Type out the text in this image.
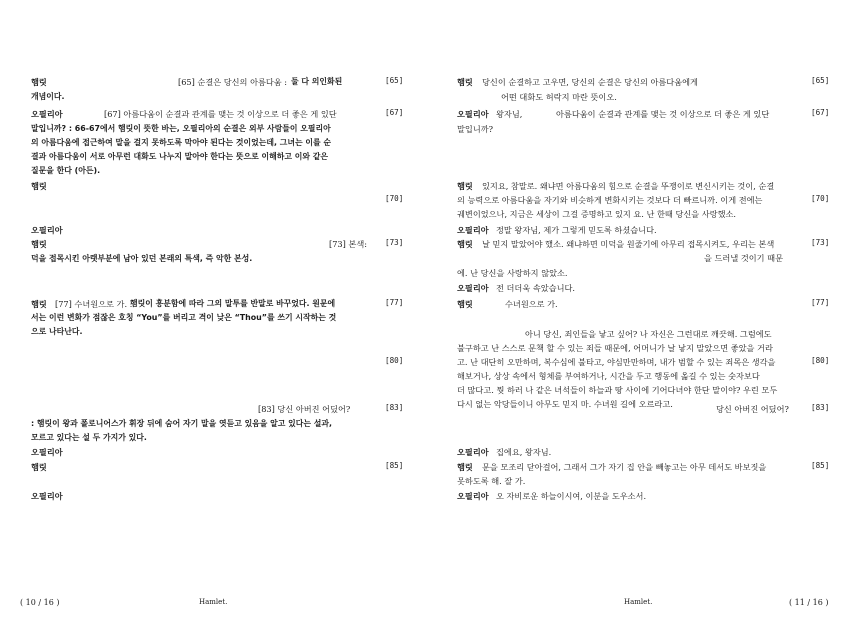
햄릿	[65] 순결은 당신의 아름다움 : 둘 다 의인화된
개념이다.
오필리아	[67] 아름다움이 순결과 관계를 맺는 것 이상으로 더 좋은 게 있단
말입니까? : 66-67에서 햄릿이 뜻한 바는, 오필리아의 순결은 외부 사람들이 오필리아
의 아름다움에 접근하여 말을 걸지 못하도록 막아야 된다는 것이었는데, 그녀는 이를 순
결과 아름다움이 서로 아무런 대화도 나누지 말아야 한다는 뜻으로 이해하고 이와 같은
질문을 한다 (아든).
햄릿
오필리아
햄릿	[73] 본색:
덕을 접목시킨 아랫부분에 남아 있던 본래의 특색, 즉 악한 본성.
햄릿 [77] 수녀원으로 가. :
햄릿이 흥분함에 따라 그의 말투를 반말로 바꾸었다. 원문에
서는 이런 변화가 점잖은 호칭 “You”를 버리고 격이 낮은 “Thou”를 쓰기 시작하는 것
으로 나타난다.
[83] 당신 아버진 어딨어?
: 햄릿이 왕과 폴로니어스가 휘장 뒤에 숨어 자기 말을 엿듣고 있음을 알고 있다는 설과,
모르고 있다는 설 두 가지가 있다.
오필리아
햄릿
오필리아
[65]
[67]
[70]
[73]
[77]
[80]
[83]
[85]
( 10 / 16 )	Hamlet.
햄릿 당신이 순결하고 고우면, 당신의 순결은 당신의 아름다움에게
어떤 대화도 허락지 마란 뜻이오.
오필리아 왕자님,	아름다움이 순결과 관계를 맺는 것 이상으로 더 좋은 게 있단
말입니까?
햄릿 있지요, 참말로. 왜냐면 아름다움의 힘으로 순결을 뚜쟁이로 변신시키는 것이, 순결
의 능력으로 아름다움을 자기와 비슷하게 변화시키는 것보다 더 빠르니까. 이게 전에는
궤변이었으나, 지금은 세상이 그걸 증명하고 있지 요. 난 한때 당신을 사랑했소.
오필리아 정말 왕자님, 제가 그렇게 믿도록 하셨습니다.
햄릿 날 믿지 말았어야 했소. 왜냐하면 미덕을 원줄기에 아무리 접목시켜도, 우리는 본색
을 드러낼 것이기 때문
에. 난 당신을 사랑하지 않았소.
오필리아 전 더더욱 속았습니다.
햄릿	수녀원으로 가.
아니 당신, 죄인들을 낳고 싶어? 나 자신은 그런대로 깨끗해. 그럼에도
불구하고 난 스스로 문책 할 수 있는 죄들 때문에, 어머니가 날 낳지 말았으면 좋았을 거라
고. 난 대단히 오만하며, 복수심에 불타고, 야심만만하며, 내가 범할 수 있는 죄목은 생각을
해보거나, 상상 속에서 형체를 부여하거나, 시간을 두고 행동에 옮길 수 있는 숫자보다
더 많다고. 뭣 하러 나 같은 녀석들이 하늘과 땅 사이에 기어다녀야 한단 말이야? 우린 모두
다시 없는 악당들이니 아무도 믿지 마. 수녀원 길에 오르라고.	당신 아버진 어딨어?
오필리아 집에요, 왕자님.
햄릿 문을 모조리 닫아걸어, 그래서 그가 자기 집 안을 빼놓고는 아무 데서도 바보짓을
못하도록 해. 잘 가.
오필리아 오 자비로운 하늘이시여, 이분을 도우소서.
[65]
[67]
[70]
[73]
[77]
[80]
[83]
[85]
Hamlet.	( 11 / 16 )
